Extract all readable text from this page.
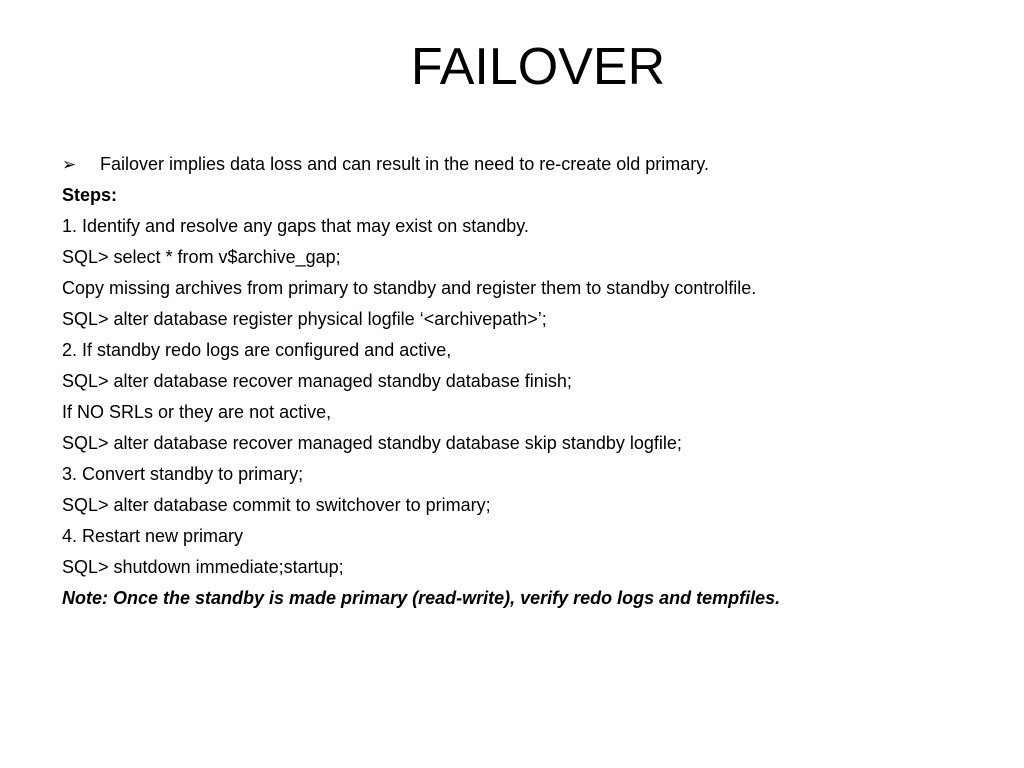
FAILOVER
➢ Failover implies data loss and can result in the need to re-create old primary.
Steps:
1. Identify and resolve any gaps that may exist on standby.
SQL> select * from v$archive_gap;
Copy missing archives from primary to standby and register them to standby controlfile.
SQL> alter database register physical logfile ‘<archivepath>’;
2. If standby redo logs are configured and active,
SQL> alter database recover managed standby database finish;
If NO SRLs or they are not active,
SQL> alter database recover managed standby database skip standby logfile;
3. Convert standby to primary;
SQL> alter database commit to switchover to primary;
4. Restart new primary
SQL> shutdown immediate;startup;
Note: Once the standby is made primary (read-write), verify redo logs and tempfiles.
